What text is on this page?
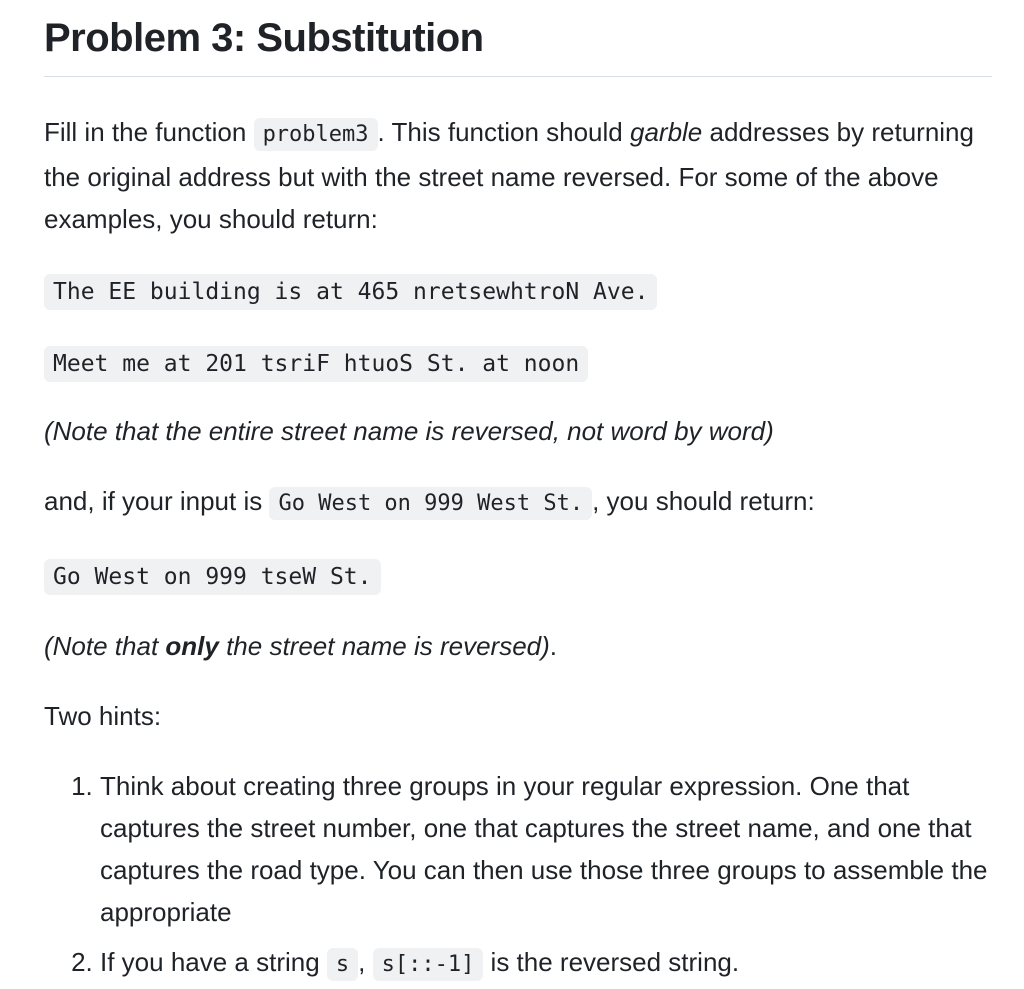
Problem 3: Substitution

Fill in the function problem3 . This function should garble addresses by returning the original address but with the street name reversed. For some of the above examples, you should return:

The EE building is at 465 nretsewhtroN Ave.

Meet me at 201 tsriF htuoS St. at noon

(Note that the entire street name is reversed, not word by word)

and, if your input is Go West on 999 West St. , you should return:

Go West on 999 tseW St.

(Note that only the street name is reversed).

Two hints:

1. Think about creating three groups in your regular expression. One that captures the street number, one that captures the street name, and one that captures the road type. You can then use those three groups to assemble the appropriate
2. If you have a string s , s[::-1] is the reversed string.
